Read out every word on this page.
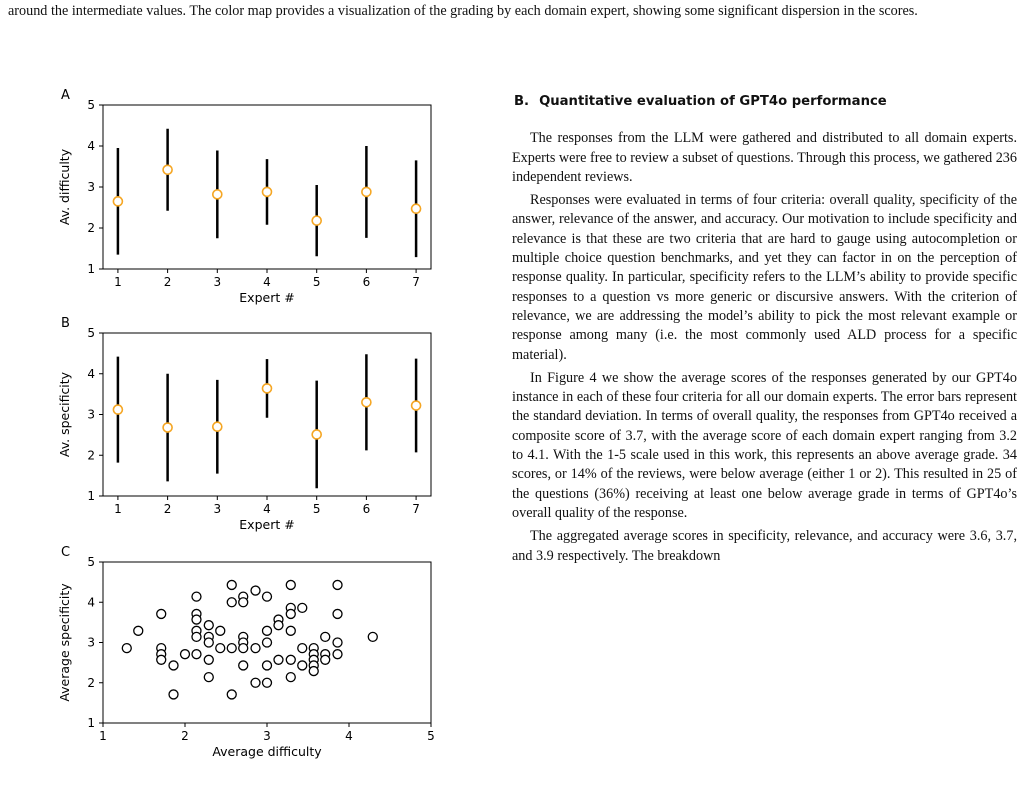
around the intermediate values. The color map provides a visualization of the grading by each domain expert, showing some significant dispersion in the scores.

A
1	2	3	4	5	6	7
1
2
3
4
5
Expert #
Av. difficulty
B
1	2	3	4	5	6	7
1
2
3
4
5
Expert #
Av. specificity
C
1	2	3	4	5
1
2
3
4
5
Average difficulty
Average specificity
B. Quantitative evaluation of GPT4o performance

The responses from the LLM were gathered and distributed to all domain experts. Experts were free to review a subset of questions. Through this process, we gathered 236 independent reviews.

Responses were evaluated in terms of four criteria: overall quality, specificity of the answer, relevance of the answer, and accuracy. Our motivation to include specificity and relevance is that these are two criteria that are hard to gauge using autocompletion or multiple choice question benchmarks, and yet they can factor in on the perception of response quality. In particular, specificity refers to the LLM’s ability to provide specific responses to a question vs more generic or discursive answers. With the criterion of relevance, we are addressing the model’s ability to pick the most relevant example or response among many (i.e. the most commonly used ALD process for a specific material).

In Figure 4 we show the average scores of the responses generated by our GPT4o instance in each of these four criteria for all our domain experts. The error bars represent the standard deviation. In terms of overall quality, the responses from GPT4o received a composite score of 3.7, with the average score of each domain expert ranging from 3.2 to 4.1. With the 1-5 scale used in this work, this represents an above average grade. 34 scores, or 14% of the reviews, were below average (either 1 or 2). This resulted in 25 of the questions (36%) receiving at least one below average grade in terms of GPT4o’s overall quality of the response.

The aggregated average scores in specificity, relevance, and accuracy were 3.6, 3.7, and 3.9 respectively. The breakdown
